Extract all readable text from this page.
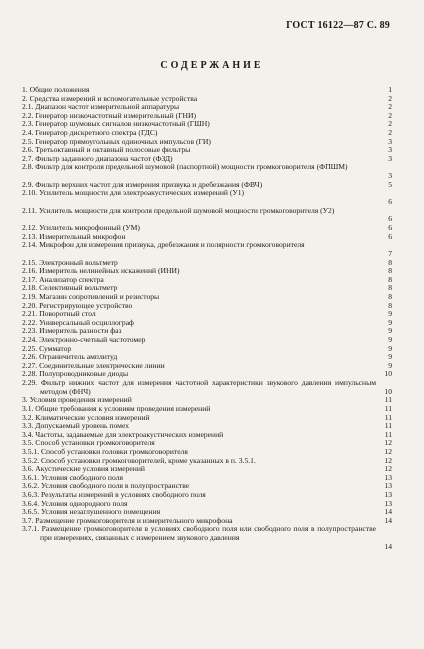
ГОСТ 16122—87 С. 89
СОДЕРЖАНИЕ
1. Общие положения	1
2. Средства измерений и вспомогательные устройства	2
2.1. Диапазон частот измерительной аппаратуры	2
2.2. Генератор низкочастотный измерительный (ГНИ)	2
2.3. Генератор шумовых сигналов низкочастотный (ГШН)	2
2.4. Генератор дискретного спектра (ГДС)	2
2.5. Генератор прямоугольных одиночных импульсов (ГИ)	3
2.6. Третьоктавный и октавный полосовые фильтры	3
2.7. Фильтр заданного диапазона частот (ФЗД)	3
2.8. Фильтр для контроля предельной шумовой (паспортной) мощности громкоговорителя (ФПШМ)
3
2.9. Фильтр верхних частот для измерения призвука и дребезжания (ФВЧ)	5
2.10. Усилитель мощности для электроакустических измерений (У1)
6
2.11. Усилитель мощности для контроля предельной шумовой мощности громкоговорителя (У2)
6
2.12. Усилитель микрофонный (УМ)	6
2.13. Измерительный микрофон	6
2.14. Микрофон для измерения призвука, дребезжания и полярности громкоговорителя
7
2.15. Электронный вольтметр	8
2.16. Измеритель нелинейных искажений (ИНИ)	8
2.17. Анализатор спектра	8
2.18. Селективный вольтметр	8
2.19. Магазин сопротивлений и резисторы	8
2.20. Регистрирующее устройство	8
2.21. Поворотный стол	9
2.22. Универсальный осциллограф	9
2.23. Измеритель разности фаз	9
2.24. Электронно-счетный частотомер	9
2.25. Сумматор	9
2.26. Ограничитель амплитуд	9
2.27. Соединительные электрические линии	9
2.28. Полупроводниковые диоды	10
2.29. Фильтр нижних частот для измерения частотной характеристики звукового давления импульсным методом (ФНЧ)	10
3. Условия проведения измерений	11
3.1. Общие требования к условиям проведения измерений	11
3.2. Климатические условия измерений	11
3.3. Допускаемый уровень помех	11
3.4. Частоты, задаваемые для электроакустических измерений	11
3.5. Способ установки громкоговорителя	12
3.5.1. Способ установки головки громкоговорителя	12
3.5.2. Способ установки громкоговорителей, кроме указанных в п. 3.5.1.	12
3.6. Акустические условия измерений	12
3.6.1. Условия свободного поля	13
3.6.2. Условия свободного поля в полупространстве	13
3.6.3. Результаты измерений в условиях свободного поля	13
3.6.4. Условия однородного поля	13
3.6.5. Условия незаглушенного помещения	14
3.7. Размещение громкоговорителя и измерительного микрофона	14
3.7.1. Размещение громкоговорителя в условиях свободного поля или свободного поля в полупространстве при измерениях, связанных с измерением звукового давления
14
